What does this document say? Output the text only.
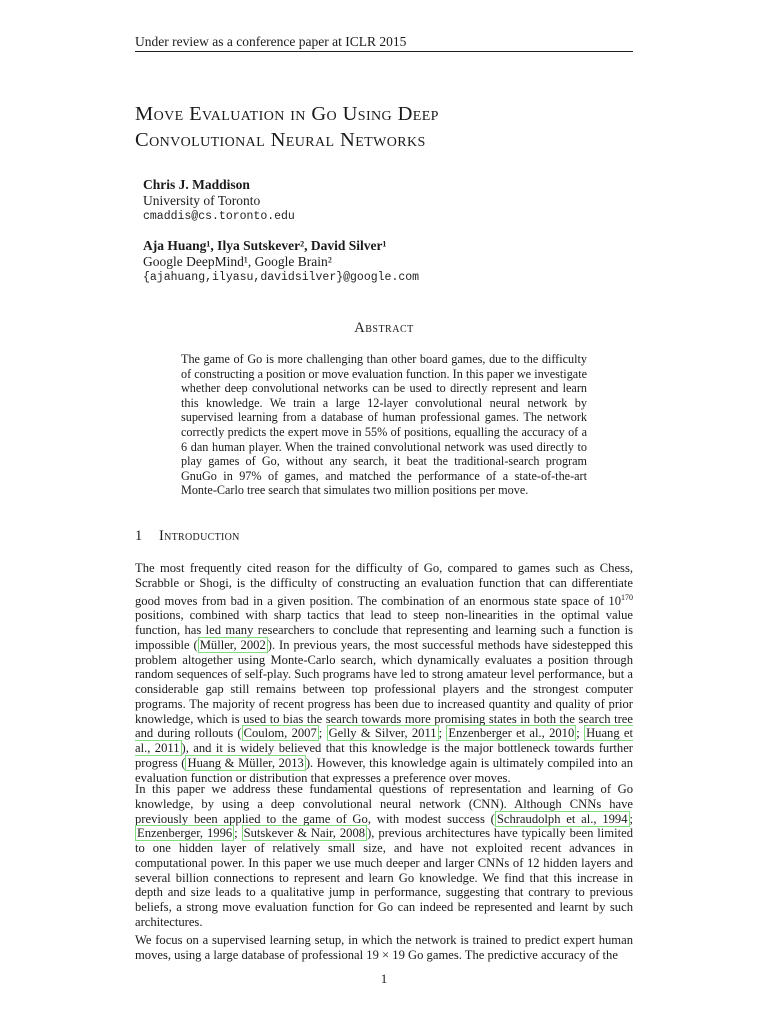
Under review as a conference paper at ICLR 2015
Move Evaluation in Go Using Deep
Convolutional Neural Networks
Chris J. Maddison
University of Toronto
cmaddis@cs.toronto.edu
Aja Huang¹, Ilya Sutskever², David Silver¹
Google DeepMind¹, Google Brain²
{ajahuang,ilyasu,davidsilver}@google.com
Abstract
The game of Go is more challenging than other board games, due to the difficulty of constructing a position or move evaluation function. In this paper we investigate whether deep convolutional networks can be used to directly represent and learn this knowledge. We train a large 12-layer convolutional neural network by supervised learning from a database of human professional games. The network correctly predicts the expert move in 55% of positions, equalling the accuracy of a 6 dan human player. When the trained convolutional network was used directly to play games of Go, without any search, it beat the traditional-search program GnuGo in 97% of games, and matched the performance of a state-of-the-art Monte-Carlo tree search that simulates two million positions per move.
1 Introduction
The most frequently cited reason for the difficulty of Go, compared to games such as Chess, Scrabble or Shogi, is the difficulty of constructing an evaluation function that can differentiate good moves from bad in a given position. The combination of an enormous state space of $10^{170}$ positions, combined with sharp tactics that lead to steep non-linearities in the optimal value function, has led many researchers to conclude that representing and learning such a function is impossible ( Müller, 2002 ). In previous years, the most successful methods have sidestepped this problem altogether using Monte-Carlo search, which dynamically evaluates a position through random sequences of self-play. Such programs have led to strong amateur level performance, but a considerable gap still remains between top professional players and the strongest computer programs. The majority of recent progress has been due to increased quantity and quality of prior knowledge, which is used to bias the search towards more promising states in both the search tree and during rollouts ( Coulom, 2007 ; Gelly & Silver, 2011 ; Enzenberger et al., 2010 ; Huang et al., 2011 ), and it is widely believed that this knowledge is the major bottleneck towards further progress ( Huang & Müller, 2013 ). However, this knowledge again is ultimately compiled into an evaluation function or distribution that expresses a preference over moves.
In this paper we address these fundamental questions of representation and learning of Go knowledge, by using a deep convolutional neural network (CNN). Although CNNs have previously been applied to the game of Go, with modest success ( Schraudolph et al., 1994 ; Enzenberger, 1996 ; Sutskever & Nair, 2008 ), previous architectures have typically been limited to one hidden layer of relatively small size, and have not exploited recent advances in computational power. In this paper we use much deeper and larger CNNs of 12 hidden layers and several billion connections to represent and learn Go knowledge. We find that this increase in depth and size leads to a qualitative jump in performance, suggesting that contrary to previous beliefs, a strong move evaluation function for Go can indeed be represented and learnt by such architectures.
We focus on a supervised learning setup, in which the network is trained to predict expert human moves, using a large database of professional 19 × 19 Go games. The predictive accuracy of the
1
